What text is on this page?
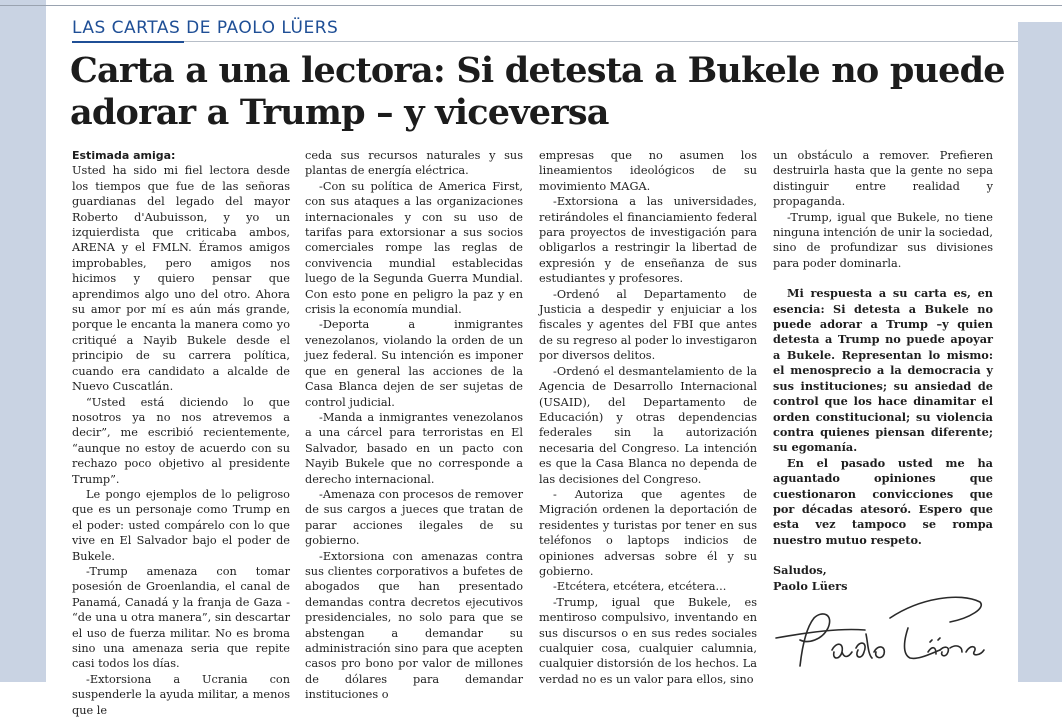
LAS CARTAS DE PAOLO LÜERS
Carta a una lectora: Si detesta a Bukele no puede adorar a Trump – y viceversa
Estimada amiga:

Usted ha sido mi fiel lectora desde los tiempos que fue de las señoras guardianas del legado del mayor Roberto d'Aubuisson, y yo un izquierdista que criticaba ambos, ARENA y el FMLN. Éramos amigos improbables, pero amigos nos hicimos y quiero pensar que aprendimos algo uno del otro. Ahora su amor por mí es aún más grande, porque le encanta la manera como yo critiqué a Nayib Bukele desde el principio de su carrera política, cuando era candidato a alcalde de Nuevo Cuscatlán.

“Usted está diciendo lo que nosotros ya no nos atrevemos a decir”, me escribió recientemente, “aunque no estoy de acuerdo con su rechazo poco objetivo al presidente Trump”.

Le pongo ejemplos de lo peligroso que es un personaje como Trump en el poder: usted compárelo con lo que vive en El Salvador bajo el poder de Bukele.

-Trump amenaza con tomar posesión de Groenlandia, el canal de Panamá, Canadá y la franja de Gaza - “de una u otra manera”, sin descartar el uso de fuerza militar. No es broma sino una amenaza seria que repite casi todos los días.

-Extorsiona a Ucrania con suspenderle la ayuda militar, a menos que le

ceda sus recursos naturales y sus plantas de energía eléctrica.

-Con su política de America First, con sus ataques a las organizaciones internacionales y con su uso de tarifas para extorsionar a sus socios comerciales rompe las reglas de convivencia mundial establecidas luego de la Segunda Guerra Mundial. Con esto pone en peligro la paz y en crisis la economía mundial.

-Deporta a inmigrantes venezolanos, violando la orden de un juez federal. Su intención es imponer que en general las acciones de la Casa Blanca dejen de ser sujetas de control judicial.

-Manda a inmigrantes venezolanos a una cárcel para terroristas en El Salvador, basado en un pacto con Nayib Bukele que no corresponde a derecho internacional.

-Amenaza con procesos de remover de sus cargos a jueces que tratan de parar acciones ilegales de su gobierno.

-Extorsiona con amenazas contra sus clientes corporativos a bufetes de abogados que han presentado demandas contra decretos ejecutivos presidenciales, no solo para que se abstengan a demandar su administración sino para que acepten casos pro bono por valor de millones de dólares para demandar instituciones o

empresas que no asumen los lineamientos ideológicos de su movimiento MAGA.

-Extorsiona a las universidades, retirándoles el financiamiento federal para proyectos de investigación para obligarlos a restringir la libertad de expresión y de enseñanza de sus estudiantes y profesores.

-Ordenó al Departamento de Justicia a despedir y enjuiciar a los fiscales y agentes del FBI que antes de su regreso al poder lo investigaron por diversos delitos.

-Ordenó el desmantelamiento de la Agencia de Desarrollo Internacional (USAID), del Departamento de Educación) y otras dependencias federales sin la autorización necesaria del Congreso. La intención es que la Casa Blanca no dependa de las decisiones del Congreso.

- Autoriza que agentes de Migración ordenen la deportación de residentes y turistas por tener en sus teléfonos o laptops indicios de opiniones adversas sobre él y su gobierno.

-Etcétera, etcétera, etcétera...

-Trump, igual que Bukele, es mentiroso compulsivo, inventando en sus discursos o en sus redes sociales cualquier cosa, cualquier calumnia, cualquier distorsión de los hechos. La verdad no es un valor para ellos, sino

un obstáculo a remover. Prefieren destruirla hasta que la gente no sepa distinguir entre realidad y propaganda.

-Trump, igual que Bukele, no tiene ninguna intención de unir la sociedad, sino de profundizar sus divisiones para poder dominarla.

Mi respuesta a su carta es, en esencia: Si detesta a Bukele no puede adorar a Trump –y quien detesta a Trump no puede apoyar a Bukele. Representan lo mismo: el menosprecio a la democracia y sus instituciones; su ansiedad de control que los hace dinamitar el orden constitucional; su violencia contra quienes piensan diferente; su egomanía.

En el pasado usted me ha aguantado opiniones que cuestionaron convicciones que por décadas atesoró. Espero que esta vez tampoco se rompa nuestro mutuo respeto.

Saludos,

Paolo Lüers
